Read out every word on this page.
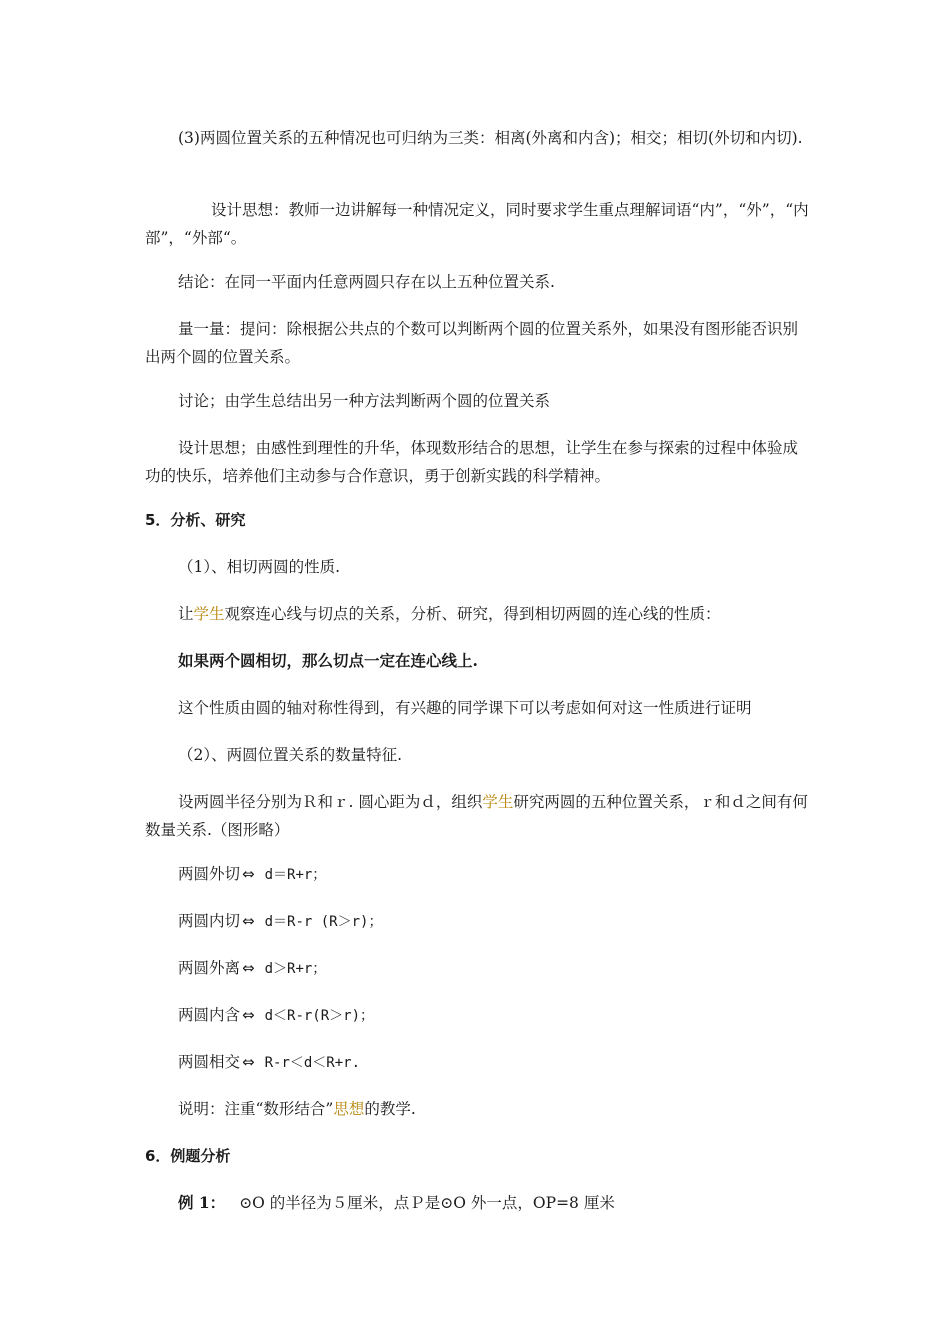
(3)两圆位置关系的五种情况也可归纳为三类：相离(外离和内含)；相交；相切(外切和内切).

设计思想：教师一边讲解每一种情况定义，同时要求学生重点理解词语“内”，“外”，“内部”，“外部“。

结论：在同一平面内任意两圆只存在以上五种位置关系.

量一量：提问：除根据公共点的个数可以判断两个圆的位置关系外，如果没有图形能否识别出两个圆的位置关系。

讨论；由学生总结出另一种方法判断两个圆的位置关系

设计思想；由感性到理性的升华，体现数形结合的思想，让学生在参与探索的过程中体验成功的快乐，培养他们主动参与合作意识，勇于创新实践的科学精神。

5．分析、研究

（1）、相切两圆的性质.

让学生观察连心线与切点的关系，分析、研究，得到相切两圆的连心线的性质：

如果两个圆相切，那么切点一定在连心线上.

这个性质由圆的轴对称性得到，有兴趣的同学课下可以考虑如何对这一性质进行证明

（2）、两圆位置关系的数量特征.

设两圆半径分别为Ｒ和ｒ. 圆心距为ｄ，组织学生研究两圆的五种位置关系，ｒ和ｄ之间有何数量关系.（图形略）

两圆外切 ⇔ d＝R+r；

两圆内切 ⇔ d＝R-r (R＞r)；

两圆外离 ⇔ d＞R+r；

两圆内含 ⇔ d＜R-r(R＞r)；

两圆相交 ⇔ R-r＜d＜R+r.

说明：注重“数形结合”思想的教学.

6．例题分析

例 1： ⊙O 的半径为５厘米，点Ｐ是⊙O 外一点，OP=8 厘米
